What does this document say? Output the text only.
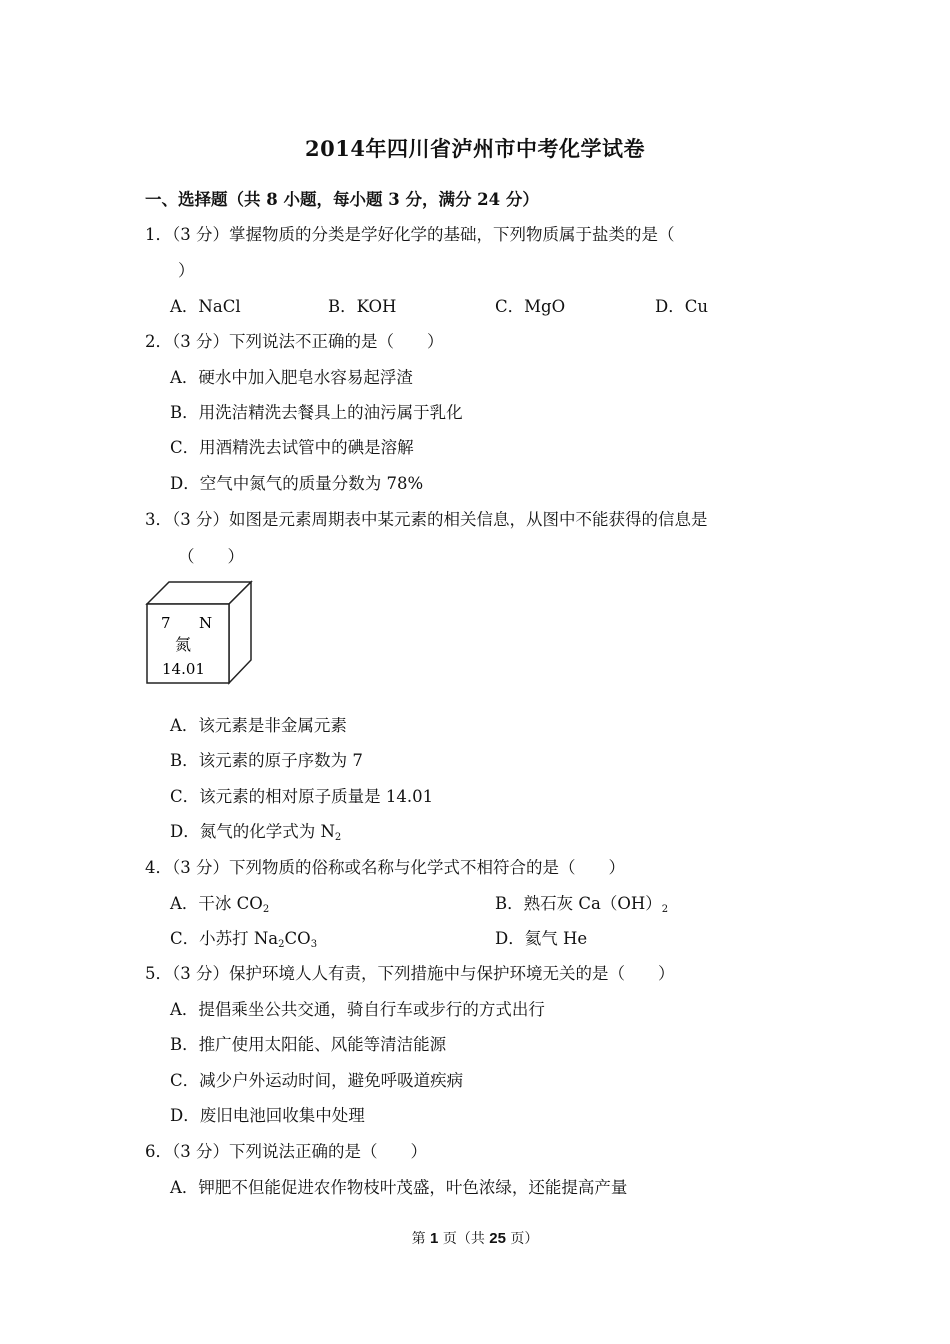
2014年四川省泸州市中考化学试卷
一、选择题（共 8 小题，每小题 3 分，满分 24 分）
1．（3 分）掌握物质的分类是学好化学的基础，下列物质属于盐类的是（
）
A．NaCl	B．KOH	C．MgO	D．Cu
2．（3 分）下列说法不正确的是（　　）
A．硬水中加入肥皂水容易起浮渣
B．用洗洁精洗去餐具上的油污属于乳化
C．用酒精洗去试管中的碘是溶解
D．空气中氮气的质量分数为 78%
3．（3 分）如图是元素周期表中某元素的相关信息，从图中不能获得的信息是
（　　）
7 N
氮
14.01
A．该元素是非金属元素
B．该元素的原子序数为 7
C．该元素的相对原子质量是 14.01
D．氮气的化学式为 $N_2$
4．（3 分）下列物质的俗称或名称与化学式不相符合的是（　　）
A．干冰 $CO_2$	B．熟石灰 $Ca(OH)_2$
C．小苏打 $Na_2CO_3$	D．氦气 He
5．（3 分）保护环境人人有责，下列措施中与保护环境无关的是（　　）
A．提倡乘坐公共交通，骑自行车或步行的方式出行
B．推广使用太阳能、风能等清洁能源
C．减少户外运动时间，避免呼吸道疾病
D．废旧电池回收集中处理
6．（3 分）下列说法正确的是（　　）
A．钾肥不但能促进农作物枝叶茂盛，叶色浓绿，还能提高产量
第 1 页（共 25 页）
